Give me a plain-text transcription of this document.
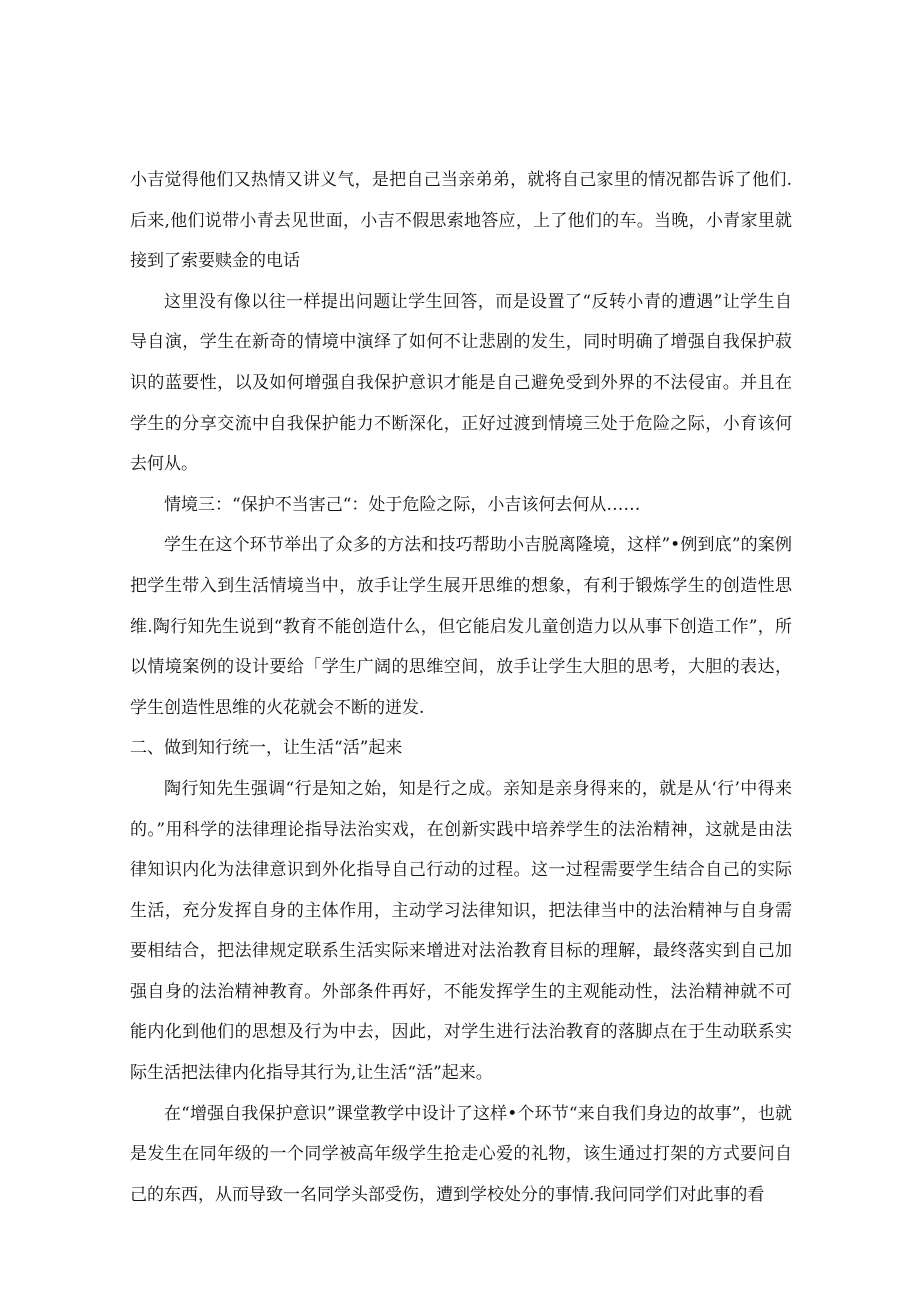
小吉觉得他们又热情又讲义气，是把自己当亲弟弟，就将自己家里的情况都告诉了他们.后来,他们说带小青去见世面，小吉不假思索地答应，上了他们的车。当晚，小青家里就接到了索要赎金的电话

这里没有像以往一样提出问题让学生回答，而是设置了“反转小青的遭遇”让学生自导自演，学生在新奇的情境中演绎了如何不让悲剧的发生，同时明确了增强自我保护菽识的蓝要性，以及如何增强自我保护意识才能是自己避免受到外界的不法侵宙。并且在学生的分享交流中自我保护能力不断深化，正好过渡到情境三处于危险之际，小育该何去何从。

情境三：“保护不当害己“：处于危险之际，小吉该何去何从……

学生在这个环节举出了众多的方法和技巧帮助小吉脱离隆境，这样”•例到底”的案例把学生带入到生活情境当中，放手让学生展开思维的想象，有利于锻炼学生的创造性思维.陶行知先生说到“教育不能创造什么，但它能启发儿童创造力以从事下创造工作”，所以情境案例的设计要给「学生广阔的思维空间，放手让学生大胆的思考，大胆的表达，学生创造性思维的火花就会不断的迸发.

二、做到知行统一，让生活“活”起来

陶行知先生强调“行是知之始，知是行之成。亲知是亲身得来的，就是从‘行’中得来的。”用科学的法律理论指导法治实戏，在创新实践中培养学生的法治精神，这就是由法律知识内化为法律意识到外化指导自己行动的过程。这一过程需要学生结合自己的实际生活，充分发挥自身的主体作用，主动学习法律知识，把法律当中的法治精神与自身需要相结合，把法律规定联系生活实际来增进对法治教育目标的理解，最终落实到自己加强自身的法治精神教育。外部条件再好，不能发挥学生的主观能动性，法治精神就不可能内化到他们的思想及行为中去，因此，对学生进行法治教育的落脚点在于生动联系实际生活把法律内化指导其行为,让生活“活”起来。

在“增强自我保护意识”课堂教学中设计了这样•个环节“来自我们身边的故事”，也就是发生在同年级的一个同学被高年级学生抢走心爱的礼物，该生通过打架的方式要问自己的东西，从而导致一名同学头部受伤，遭到学校处分的事情.我问同学们对此事的看
